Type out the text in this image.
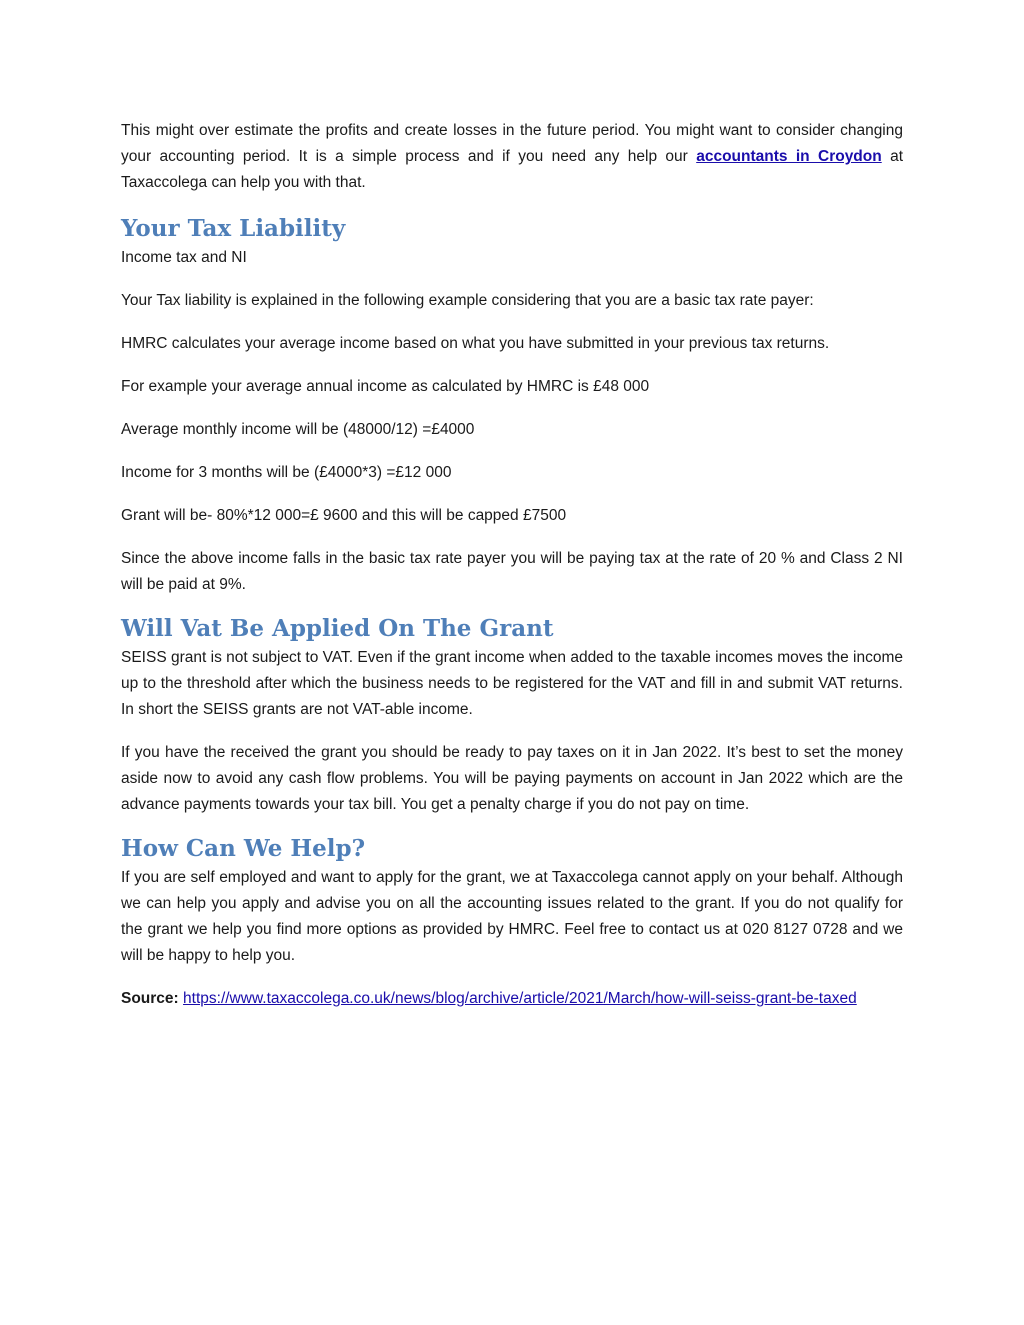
This might over estimate the profits and create losses in the future period. You might want to consider changing your accounting period. It is a simple process and if you need any help our accountants in Croydon at Taxaccolega can help you with that.

Your Tax Liability

Income tax and NI

Your Tax liability is explained in the following example considering that you are a basic tax rate payer:

HMRC calculates your average income based on what you have submitted in your previous tax returns.

For example your average annual income as calculated by HMRC is £48 000

Average monthly income will be (48000/12) =£4000

Income for 3 months will be (£4000*3) =£12 000

Grant will be- 80%*12 000=£ 9600 and this will be capped £7500

Since the above income falls in the basic tax rate payer you will be paying tax at the rate of 20 % and Class 2 NI will be paid at 9%.

Will Vat Be Applied On The Grant

SEISS grant is not subject to VAT. Even if the grant income when added to the taxable incomes moves the income up to the threshold after which the business needs to be registered for the VAT and fill in and submit VAT returns. In short the SEISS grants are not VAT-able income.

If you have the received the grant you should be ready to pay taxes on it in Jan 2022. It’s best to set the money aside now to avoid any cash flow problems. You will be paying payments on account in Jan 2022 which are the advance payments towards your tax bill. You get a penalty charge if you do not pay on time.

How Can We Help?

If you are self employed and want to apply for the grant, we at Taxaccolega cannot apply on your behalf. Although we can help you apply and advise you on all the accounting issues related to the grant. If you do not qualify for the grant we help you find more options as provided by HMRC. Feel free to contact us at 020 8127 0728 and we will be happy to help you.

Source: https://www.taxaccolega.co.uk/news/blog/archive/article/2021/March/how-will-seiss-grant-be-taxed
